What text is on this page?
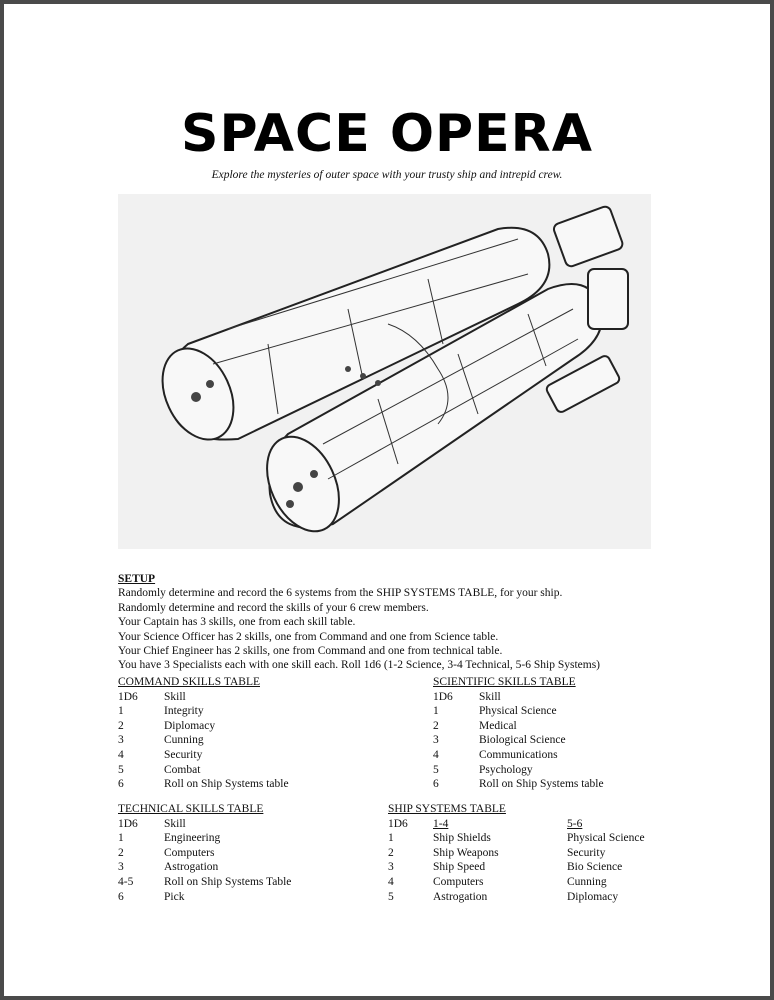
SPACE OPERA
Explore the mysteries of outer space with your trusty ship and intrepid crew.
SETUP
Randomly determine and record the 6 systems from the SHIP SYSTEMS TABLE, for your ship.
Randomly determine and record the skills of your 6 crew members.
Your Captain has 3 skills, one from each skill table.
Your Science Officer has 2 skills, one from Command and one from Science table.
Your Chief Engineer has 2 skills, one from Command and one from technical table.
You have 3 Specialists each with one skill each. Roll 1d6 (1-2 Science, 3-4 Technical, 5-6 Ship Systems)
COMMAND SKILLS TABLE
1D6	Skill
1	Integrity
2	Diplomacy
3	Cunning
4	Security
5	Combat
6	Roll on Ship Systems table
SCIENTIFIC SKILLS TABLE
1D6	Skill
1	Physical Science
2	Medical
3	Biological Science
4	Communications
5	Psychology
6	Roll on Ship Systems table
TECHNICAL SKILLS TABLE
1D6	Skill
1	Engineering
2	Computers
3	Astrogation
4-5	Roll on Ship Systems Table
6	Pick
SHIP SYSTEMS TABLE
1D6	1-4	5-6
1	Ship Shields	Physical Science
2	Ship Weapons	Security
3	Ship Speed	Bio Science
4	Computers	Cunning
5	Astrogation	Diplomacy
